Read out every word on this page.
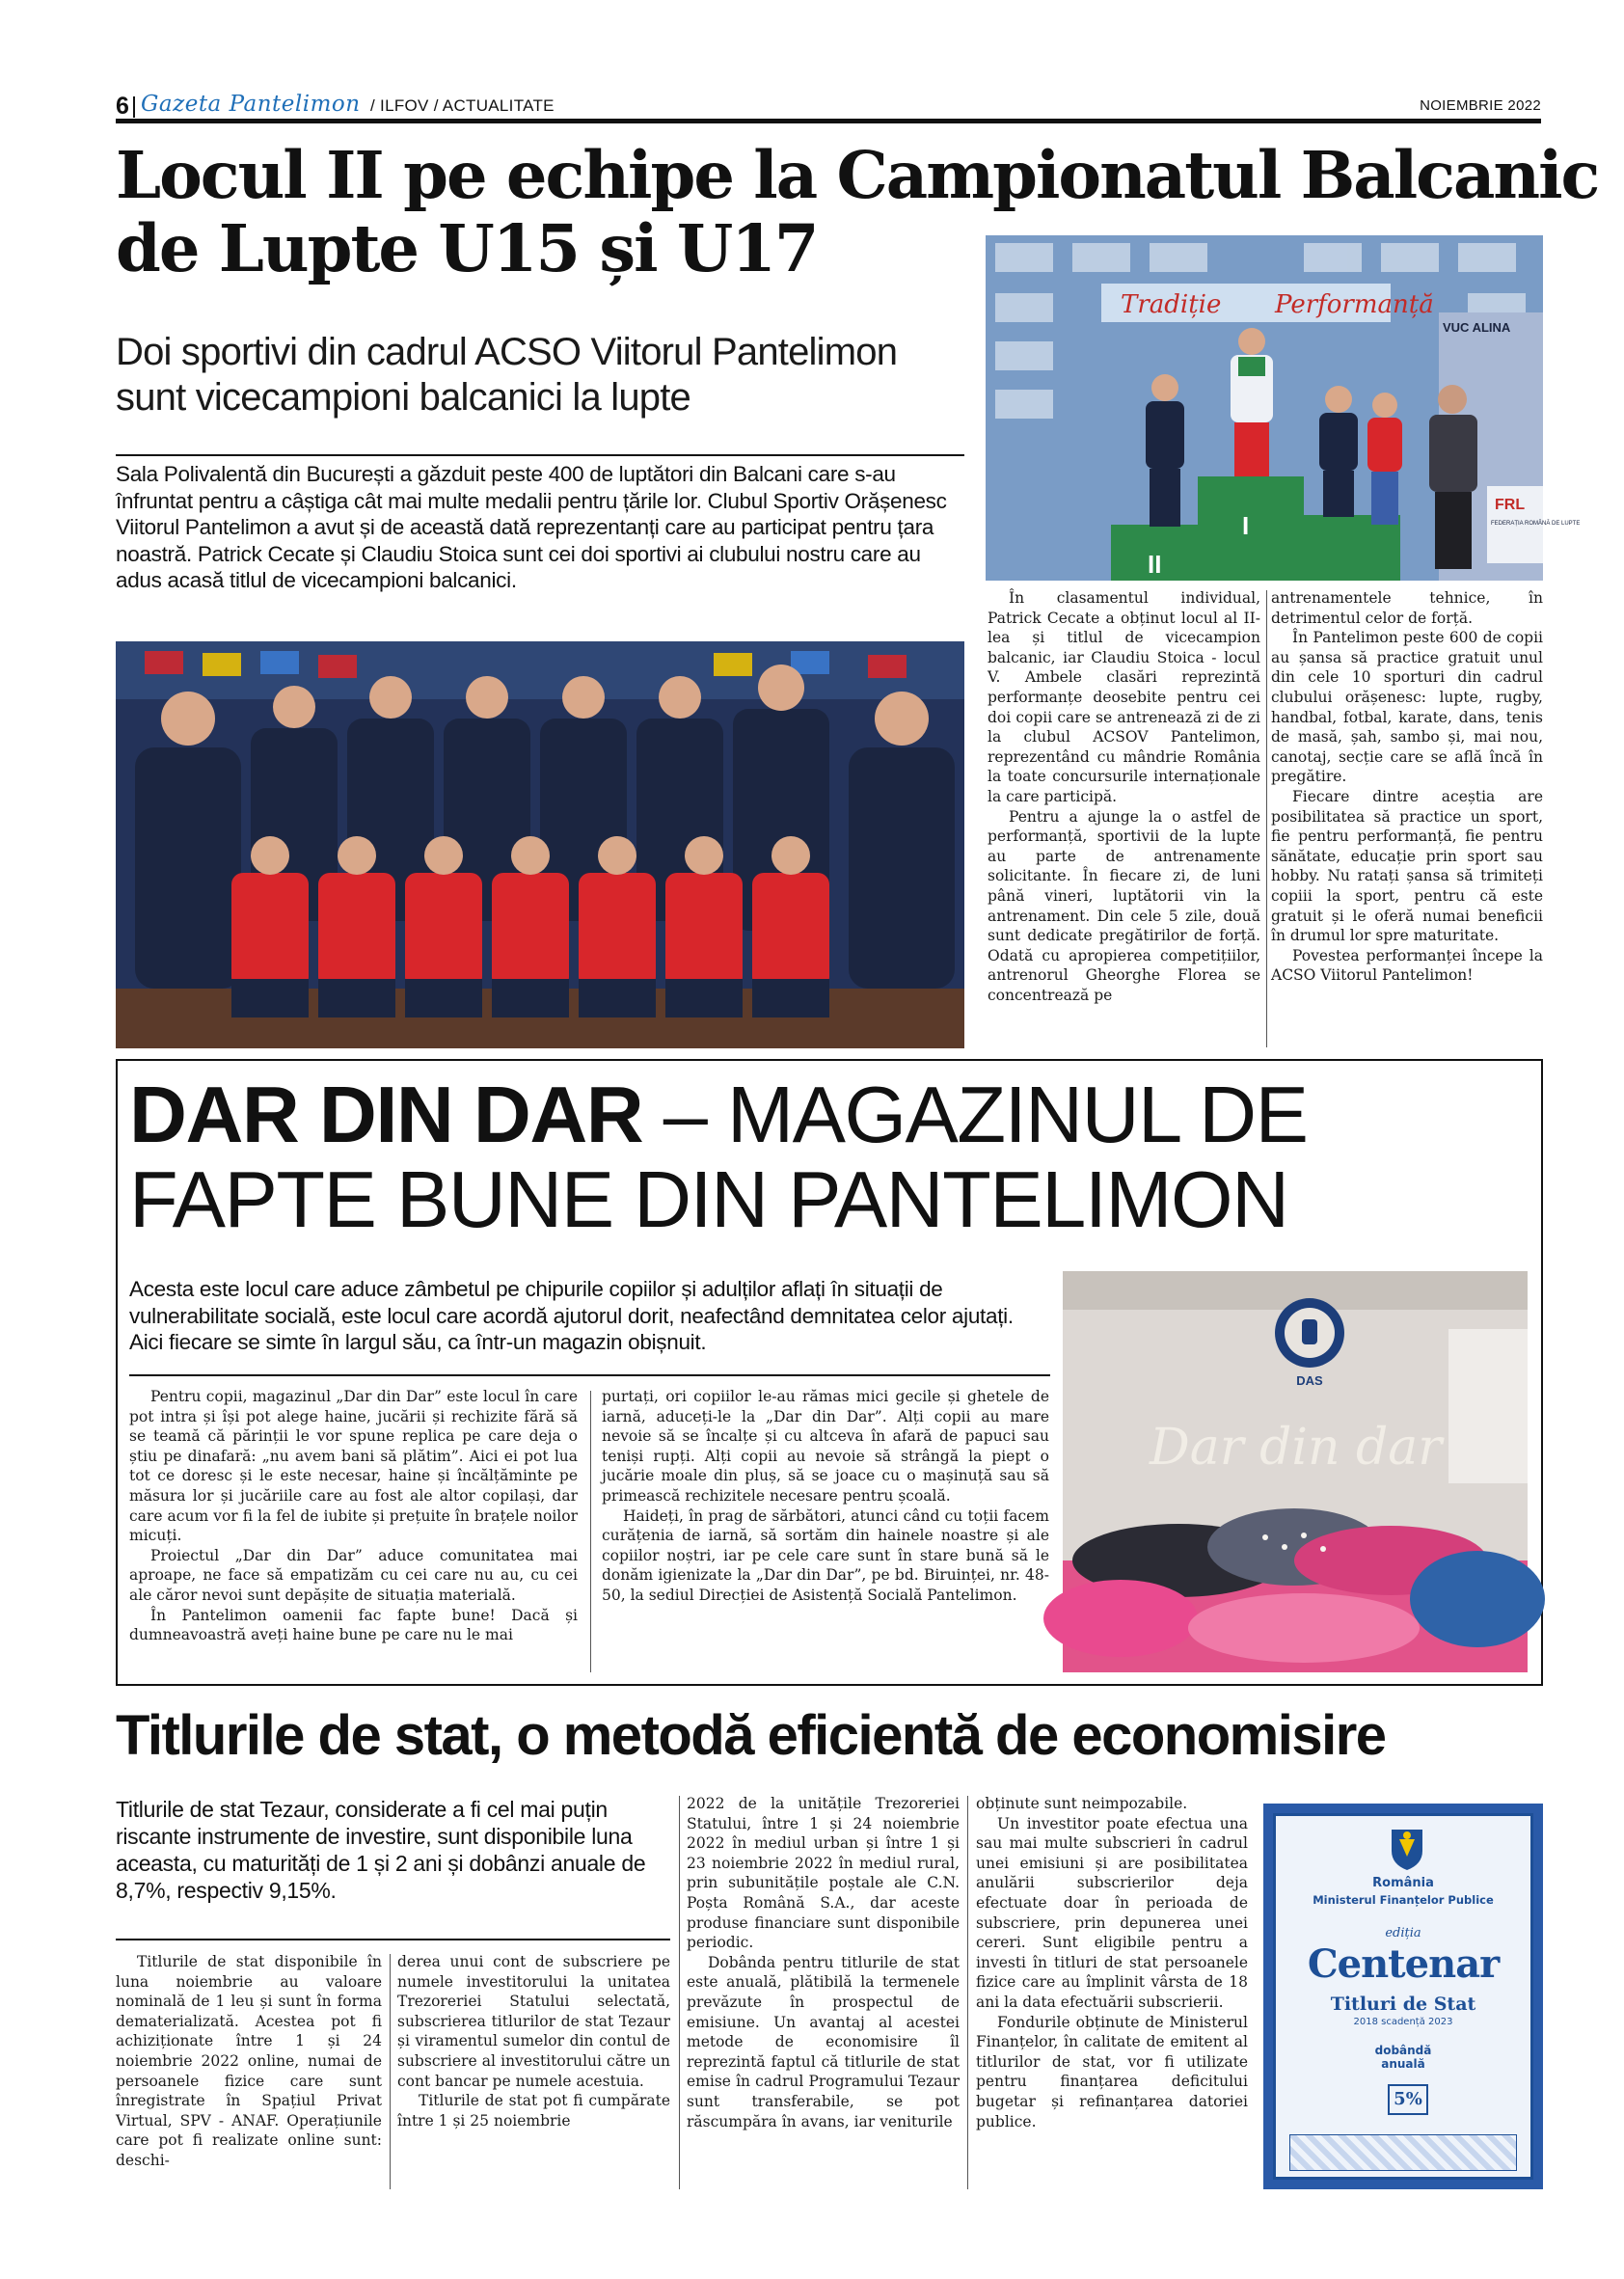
6 Gazeta Pantelimon / ILFOV / ACTUALITATE	NOIEMBRIE 2022
Locul II pe echipe la Campionatul Balcanic
de Lupte U15 și U17
Doi sportivi din cadrul ACSO Viitorul Pantelimon sunt vicecampioni balcanici la lupte
Sala Polivalentă din București a găzduit peste 400 de luptători din Balcani care s-au înfruntat pentru a câștiga cât mai multe medalii pentru țările lor. Clubul Sportiv Orășenesc Viitorul Pantelimon a avut și de această dată reprezentanți care au participat pentru țara noastră. Patrick Cecate și Claudiu Stoica sunt cei doi sportivi ai clubului nostru care au adus acasă titlul de vicecampioni balcanici.
Tradiție Performanță
VUC ALINA
FRL
FEDERAȚIA ROMÂNĂ DE LUPTE
II
I

În clasamentul individual, Patrick Cecate a obținut locul al II-lea și titlul de vicecampion balcanic, iar Claudiu Stoica - locul V. Ambele clasări reprezintă performanțe deosebite pentru cei doi copii care se antrenează zi de zi la clubul ACSOV Pantelimon, reprezentând cu mândrie România la toate concursurile internaționale la care participă.

Pentru a ajunge la o astfel de performanță, sportivii de la lupte au parte de antrenamente solicitante. În fiecare zi, de luni până vineri, luptătorii vin la antrenament. Din cele 5 zile, două sunt dedicate pregătirilor de forță. Odată cu apropierea competițiilor, antrenorul Gheorghe Florea se concentrează pe

antrenamentele tehnice, în detrimentul celor de forță.

În Pantelimon peste 600 de copii au șansa să practice gratuit unul din cele 10 sporturi din cadrul clubului orășenesc: lupte, rugby, handbal, fotbal, karate, dans, tenis de masă, șah, sambo și, mai nou, canotaj, secție care se află încă în pregătire.

Fiecare dintre aceștia are posibilitatea să practice un sport, fie pentru performanță, fie pentru sănătate, educație prin sport sau hobby. Nu ratați șansa să trimiteți copiii la sport, pentru că este gratuit și le oferă numai beneficii în drumul lor spre maturitate.

Povestea performanței începe la ACSO Viitorul Pantelimon!

DAR DIN DAR – MAGAZINUL DE
FAPTE BUNE DIN PANTELIMON
Acesta este locul care aduce zâmbetul pe chipurile copiilor și adulților aflați în situații de vulnerabilitate socială, este locul care acordă ajutorul dorit, neafectând demnitatea celor ajutați. Aici fiecare se simte în largul său, ca într-un magazin obișnuit.

Pentru copii, magazinul „Dar din Dar” este locul în care pot intra și își pot alege haine, jucării și rechizite fără să se teamă că părinții le vor spune replica pe care deja o știu pe dinafară: „nu avem bani să plătim”. Aici ei pot lua tot ce doresc și le este necesar, haine și încălțăminte pe măsura lor și jucăriile care au fost ale altor copilași, dar care acum vor fi la fel de iubite și prețuite în brațele noilor micuți.

Proiectul „Dar din Dar” aduce comunitatea mai aproape, ne face să empatizăm cu cei care nu au, cu cei ale căror nevoi sunt depășite de situația materială.

În Pantelimon oamenii fac fapte bune! Dacă și dumneavoastră aveți haine bune pe care nu le mai

purtați, ori copiilor le-au rămas mici gecile și ghetele de iarnă, aduceți-le la „Dar din Dar”. Alți copii au mare nevoie să se încalțe și cu altceva în afară de papuci sau teniși rupți. Alți copii au nevoie să strângă la piept o jucărie moale din pluș, să se joace cu o mașinuță sau să primească rechizitele necesare pentru școală.

Haideți, în prag de sărbători, atunci când cu toții facem curățenia de iarnă, să sortăm din hainele noastre și ale copiilor noștri, iar pe cele care sunt în stare bună să le donăm igienizate la „Dar din Dar”, pe bd. Biruinței, nr. 48-50, la sediul Direcției de Asistență Socială Pantelimon.

DAS
Dar din dar
Titlurile de stat, o metodă eficientă de economisire
Titlurile de stat Tezaur, considerate a fi cel mai puțin riscante instrumente de investire, sunt disponibile luna aceasta, cu maturități de 1 și 2 ani și dobânzi anuale de 8,7%, respectiv 9,15%.

Titlurile de stat disponibile în luna noiembrie au valoare nominală de 1 leu și sunt în forma dematerializată. Acestea pot fi achiziționate între 1 și 24 noiembrie 2022 online, numai de persoanele fizice care sunt înregistrate în Spațiul Privat Virtual, SPV - ANAF. Operațiunile care pot fi realizate online sunt: deschi-

derea unui cont de subscriere pe numele investitorului la unitatea Trezoreriei Statului selectată, subscrierea titlurilor de stat Tezaur și viramentul sumelor din contul de subscriere al investitorului către un cont bancar pe numele acestuia.

Titlurile de stat pot fi cumpărate între 1 și 25 noiembrie

2022 de la unitățile Trezoreriei Statului, între 1 și 24 noiembrie 2022 în mediul urban și între 1 și 23 noiembrie 2022 în mediul rural, prin subunitățile poștale ale C.N. Poșta Română S.A., dar aceste produse financiare sunt disponibile periodic.

Dobânda pentru titlurile de stat este anuală, plătibilă la termenele prevăzute în prospectul de emisiune. Un avantaj al acestei metode de economisire îl reprezintă faptul că titlurile de stat emise în cadrul Programului Tezaur sunt transferabile, se pot răscumpăra în avans, iar veniturile

obținute sunt neimpozabile.

Un investitor poate efectua una sau mai multe subscrieri în cadrul unei emisiuni și are posibilitatea anulării subscrierilor deja efectuate doar în perioada de subscriere, prin depunerea unei cereri. Sunt eligibile pentru a investi în titluri de stat persoanele fizice care au împlinit vârsta de 18 ani la data efectuării subscrierii.

Fondurile obținute de Ministerul Finanțelor, în calitate de emitent al titlurilor de stat, vor fi utilizate pentru finanțarea deficitului bugetar și refinanțarea datoriei publice.

România
Ministerul Finanțelor Publice
ediția
Centenar
Titluri de Stat
2018 scadență 2023
dobândă anuală
5%
